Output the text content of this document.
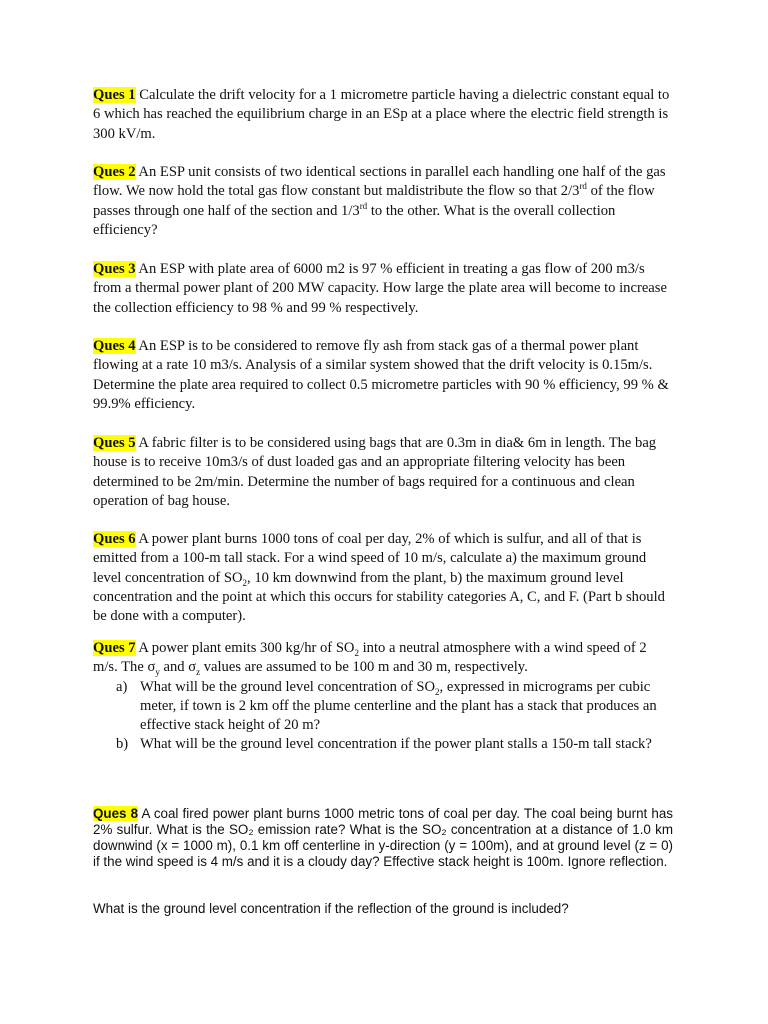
Ques 1 Calculate the drift velocity for a 1 micrometre particle having a dielectric constant equal to 6 which has reached the equilibrium charge in an ESp at a place where the electric field strength is 300 kV/m.

Ques 2 An ESP unit consists of two identical sections in parallel each handling one half of the gas flow. We now hold the total gas flow constant but maldistribute the flow so that 2/3rd of the flow passes through one half of the section and 1/3rd to the other. What is the overall collection efficiency?

Ques 3 An ESP with plate area of 6000 m2 is 97 % efficient in treating a gas flow of 200 m3/s from a thermal power plant of 200 MW capacity. How large the plate area will become to increase the collection efficiency to 98 % and 99 % respectively.

Ques 4 An ESP is to be considered to remove fly ash from stack gas of a thermal power plant flowing at a rate 10 m3/s. Analysis of a similar system showed that the drift velocity is 0.15m/s. Determine the plate area required to collect 0.5 micrometre particles with 90 % efficiency, 99 % & 99.9% efficiency.

Ques 5 A fabric filter is to be considered using bags that are 0.3m in dia& 6m in length. The bag house is to receive 10m3/s of dust loaded gas and an appropriate filtering velocity has been determined to be 2m/min. Determine the number of bags required for a continuous and clean operation of bag house.

Ques 6 A power plant burns 1000 tons of coal per day, 2% of which is sulfur, and all of that is emitted from a 100-m tall stack. For a wind speed of 10 m/s, calculate a) the maximum ground level concentration of $SO_2$, 10 km downwind from the plant, b) the maximum ground level concentration and the point at which this occurs for stability categories A, C, and F. (Part b should be done with a computer).

Ques 7 A power plant emits 300 kg/hr of $SO_2$ into a neutral atmosphere with a wind speed of 2 m/s. The $\sigma_y$ and $\sigma_z$ values are assumed to be 100 m and 30 m, respectively.
a) What will be the ground level concentration of $SO_2$, expressed in micrograms per cubic meter, if town is 2 km off the plume centerline and the plant has a stack that produces an effective stack height of 20 m?
b) What will be the ground level concentration if the power plant stalls a 150-m tall stack?

Ques 8 A coal fired power plant burns 1000 metric tons of coal per day. The coal being burnt has 2% sulfur. What is the SO₂ emission rate? What is the SO₂ concentration at a distance of 1.0 km downwind (x = 1000 m), 0.1 km off centerline in y-direction (y = 100m), and at ground level (z = 0) if the wind speed is 4 m/s and it is a cloudy day? Effective stack height is 100m. Ignore reflection.

What is the ground level concentration if the reflection of the ground is included?
